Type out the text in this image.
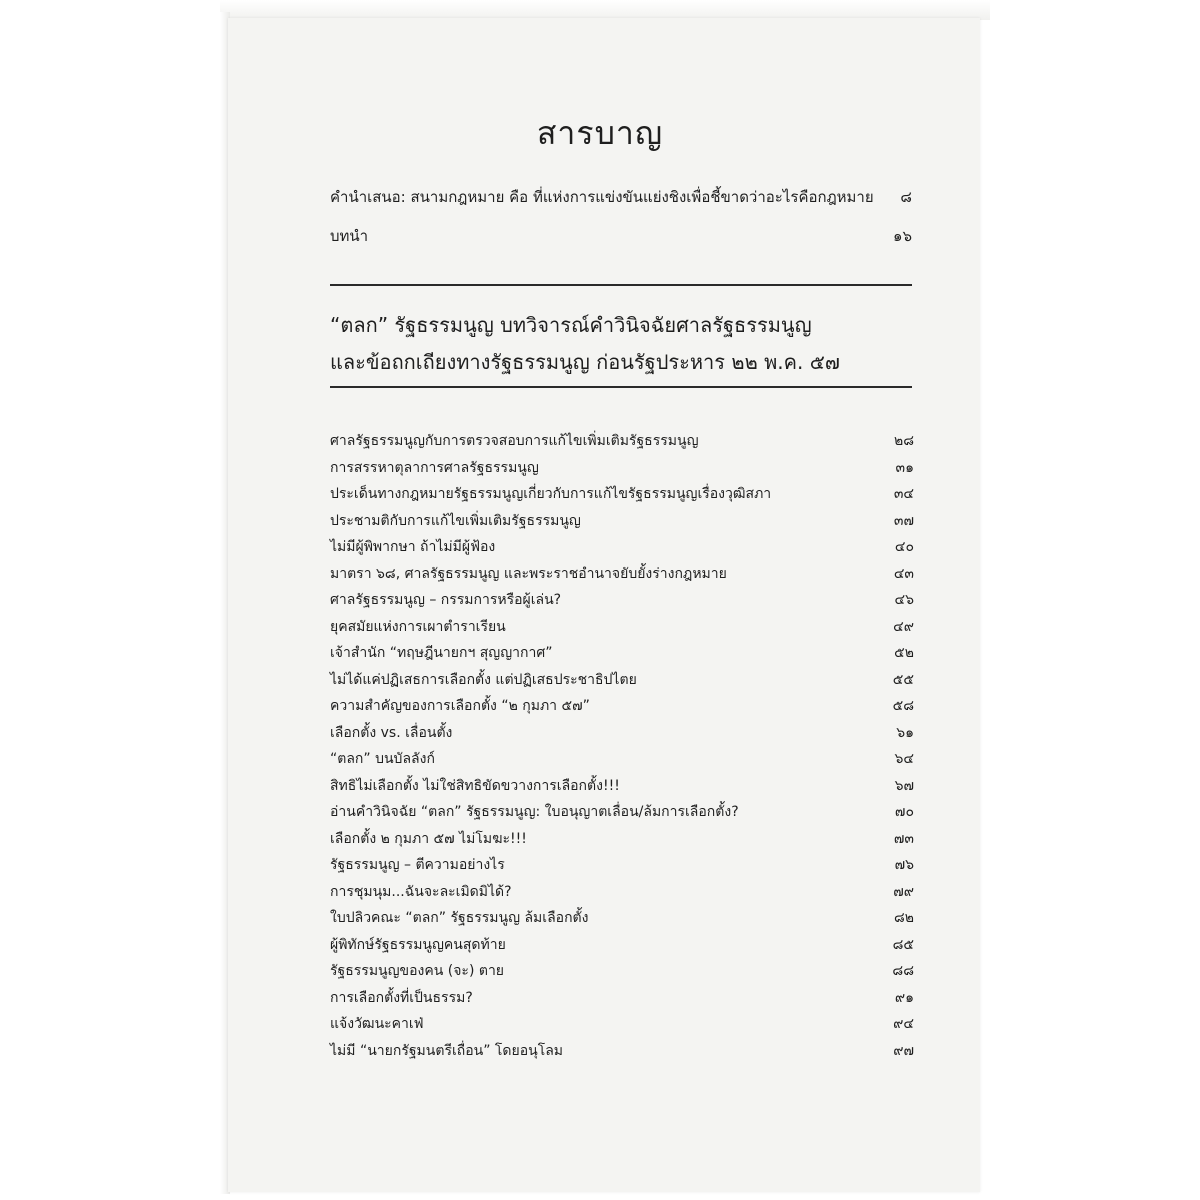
สารบาญ
คำนำเสนอ: สนามกฎหมาย คือ ที่แห่งการแข่งขันแย่งชิงเพื่อชี้ขาดว่าอะไรคือกฎหมาย ๘
บทนำ	๑๖
“ตลก” รัฐธรรมนูญ บทวิจารณ์คำวินิจฉัยศาลรัฐธรรมนูญ
และข้อถกเถียงทางรัฐธรรมนูญ ก่อนรัฐประหาร ๒๒ พ.ค. ๕๗
ศาลรัฐธรรมนูญกับการตรวจสอบการแก้ไขเพิ่มเติมรัฐธรรมนูญ	๒๘
การสรรหาตุลาการศาลรัฐธรรมนูญ	๓๑
ประเด็นทางกฎหมายรัฐธรรมนูญเกี่ยวกับการแก้ไขรัฐธรรมนูญเรื่องวุฒิสภา	๓๔
ประชามติกับการแก้ไขเพิ่มเติมรัฐธรรมนูญ	๓๗
ไม่มีผู้พิพากษา ถ้าไม่มีผู้ฟ้อง	๔๐
มาตรา ๖๘, ศาลรัฐธรรมนูญ และพระราชอำนาจยับยั้งร่างกฎหมาย	๔๓
ศาลรัฐธรรมนูญ – กรรมการหรือผู้เล่น?	๔๖
ยุคสมัยแห่งการเผาตำราเรียน	๔๙
เจ้าสำนัก “ทฤษฎีนายกฯ สุญญากาศ”	๕๒
ไม่ได้แค่ปฏิเสธการเลือกตั้ง แต่ปฏิเสธประชาธิปไตย	๕๕
ความสำคัญของการเลือกตั้ง “๒ กุมภา ๕๗”	๕๘
เลือกตั้ง vs. เลื่อนตั้ง	๖๑
“ตลก” บนบัลลังก์	๖๔
สิทธิไม่เลือกตั้ง ไม่ใช่สิทธิขัดขวางการเลือกตั้ง!!!	๖๗
อ่านคำวินิจฉัย “ตลก” รัฐธรรมนูญ: ใบอนุญาตเลื่อน/ล้มการเลือกตั้ง?	๗๐
เลือกตั้ง ๒ กุมภา ๕๗ ไม่โมฆะ!!!	๗๓
รัฐธรรมนูญ – ตีความอย่างไร	๗๖
การชุมนุม...ฉันจะละเมิดมิได้?	๗๙
ใบปลิวคณะ “ตลก” รัฐธรรมนูญ ล้มเลือกตั้ง	๘๒
ผู้พิทักษ์รัฐธรรมนูญคนสุดท้าย	๘๕
รัฐธรรมนูญของคน (จะ) ตาย	๘๘
การเลือกตั้งที่เป็นธรรม?	๙๑
แจ้งวัฒนะคาเฟ่	๙๔
ไม่มี “นายกรัฐมนตรีเถื่อน” โดยอนุโลม	๙๗
